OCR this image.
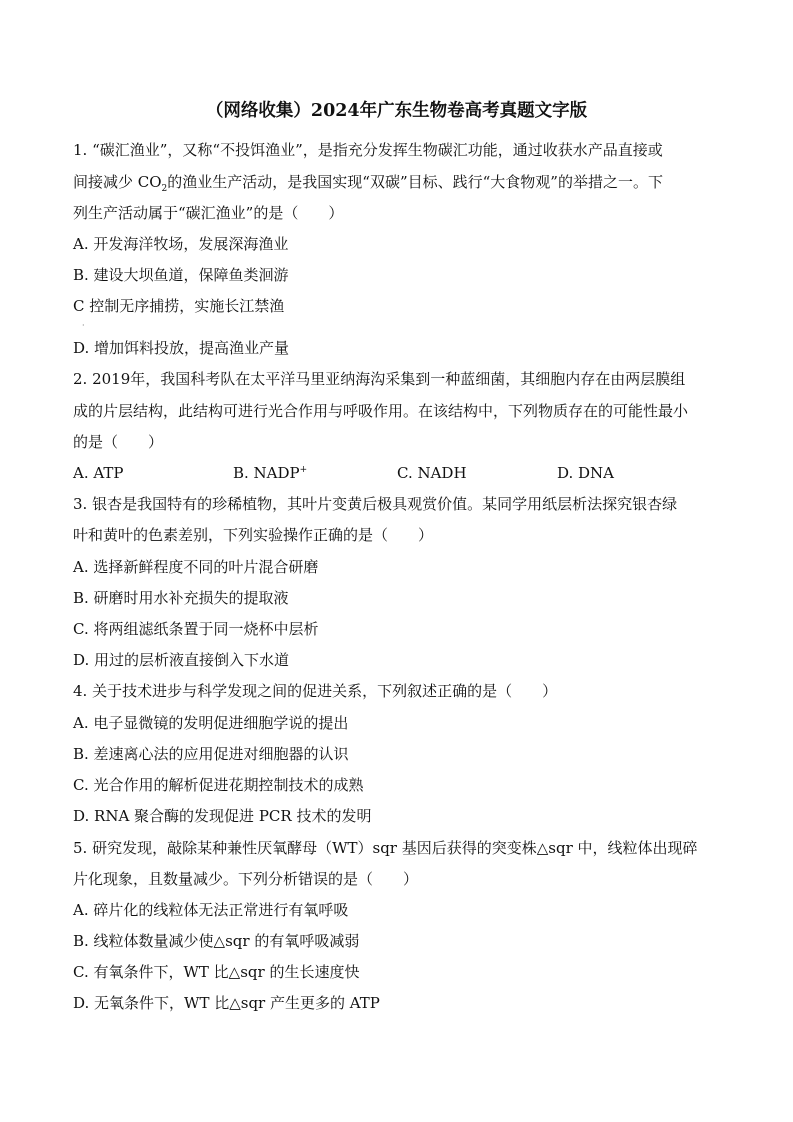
（网络收集）2024年广东生物卷高考真题文字版
1. “碳汇渔业”，又称“不投饵渔业”，是指充分发挥生物碳汇功能，通过收获水产品直接或
间接减少 $CO_2$的渔业生产活动，是我国实现“双碳”目标、践行“大食物观”的举措之一。下
列生产活动属于“碳汇渔业”的是（　　）
A. 开发海洋牧场，发展深海渔业
B. 建设大坝鱼道，保障鱼类洄游
C 控制无序捕捞，实施长江禁渔
·
D. 增加饵料投放，提高渔业产量
2. 2019年，我国科考队在太平洋马里亚纳海沟采集到一种蓝细菌，其细胞内存在由两层膜组
成的片层结构，此结构可进行光合作用与呼吸作用。在该结构中，下列物质存在的可能性最小
的是（　　）
A. ATP	B. NADP+	C. NADH	D. DNA
3. 银杏是我国特有的珍稀植物，其叶片变黄后极具观赏价值。某同学用纸层析法探究银杏绿
叶和黄叶的色素差别，下列实验操作正确的是（　　）
A. 选择新鲜程度不同的叶片混合研磨
B. 研磨时用水补充损失的提取液
C. 将两组滤纸条置于同一烧杯中层析
D. 用过的层析液直接倒入下水道
4. 关于技术进步与科学发现之间的促进关系，下列叙述正确的是（　　）
A. 电子显微镜的发明促进细胞学说的提出
B. 差速离心法的应用促进对细胞器的认识
C. 光合作用的解析促进花期控制技术的成熟
D. RNA 聚合酶的发现促进 PCR 技术的发明
5. 研究发现，敲除某种兼性厌氧酵母（WT）sqr 基因后获得的突变株△sqr 中，线粒体出现碎
片化现象，且数量减少。下列分析错误的是（　　）
A. 碎片化的线粒体无法正常进行有氧呼吸
B. 线粒体数量减少使△sqr 的有氧呼吸减弱
C. 有氧条件下，WT 比△sqr 的生长速度快
D. 无氧条件下，WT 比△sqr 产生更多的 ATP
